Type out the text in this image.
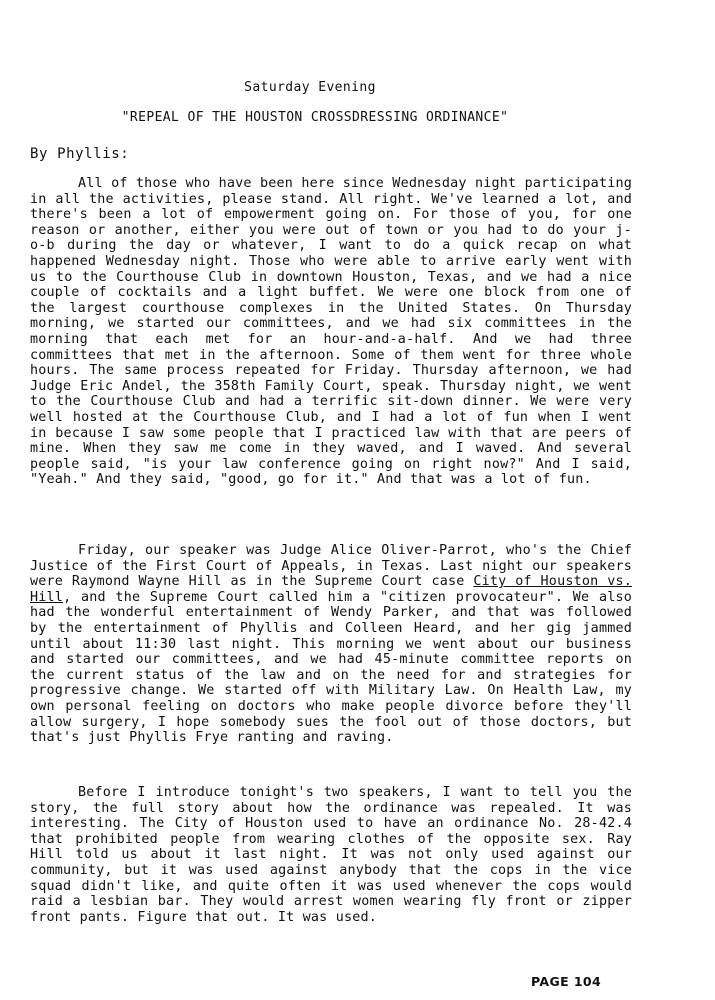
Saturday Evening
"REPEAL OF THE HOUSTON CROSSDRESSING ORDINANCE"
By Phyllis:

All of those who have been here since Wednesday night participating in all the activities, please stand. All right. We've learned a lot, and there's been a lot of empowerment going on. For those of you, for one reason or another, either you were out of town or you had to do your j-o-b during the day or whatever, I want to do a quick recap on what happened Wednesday night. Those who were able to arrive early went with us to the Courthouse Club in downtown Houston, Texas, and we had a nice couple of cocktails and a light buffet. We were one block from one of the largest courthouse complexes in the United States. On Thursday morning, we started our committees, and we had six committees in the morning that each met for an hour-and-a-half. And we had three committees that met in the afternoon. Some of them went for three whole hours. The same process repeated for Friday. Thursday afternoon, we had Judge Eric Andel, the 358th Family Court, speak. Thursday night, we went to the Courthouse Club and had a terrific sit-down dinner. We were very well hosted at the Courthouse Club, and I had a lot of fun when I went in because I saw some people that I practiced law with that are peers of mine. When they saw me come in they waved, and I waved. And several people said, "is your law conference going on right now?" And I said, "Yeah." And they said, "good, go for it." And that was a lot of fun.

Friday, our speaker was Judge Alice Oliver-Parrot, who's the Chief Justice of the First Court of Appeals, in Texas. Last night our speakers were Raymond Wayne Hill as in the Supreme Court case City of Houston vs. Hill, and the Supreme Court called him a "citizen provocateur". We also had the wonderful entertainment of Wendy Parker, and that was followed by the entertainment of Phyllis and Colleen Heard, and her gig jammed until about 11:30 last night. This morning we went about our business and started our committees, and we had 45-minute committee reports on the current status of the law and on the need for and strategies for progressive change. We started off with Military Law. On Health Law, my own personal feeling on doctors who make people divorce before they'll allow surgery, I hope somebody sues the fool out of those doctors, but that's just Phyllis Frye ranting and raving.

Before I introduce tonight's two speakers, I want to tell you the story, the full story about how the ordinance was repealed. It was interesting. The City of Houston used to have an ordinance No. 28-42.4 that prohibited people from wearing clothes of the opposite sex. Ray Hill told us about it last night. It was not only used against our community, but it was used against anybody that the cops in the vice squad didn't like, and quite often it was used whenever the cops would raid a lesbian bar. They would arrest women wearing fly front or zipper front pants. Figure that out. It was used.

PAGE 104
